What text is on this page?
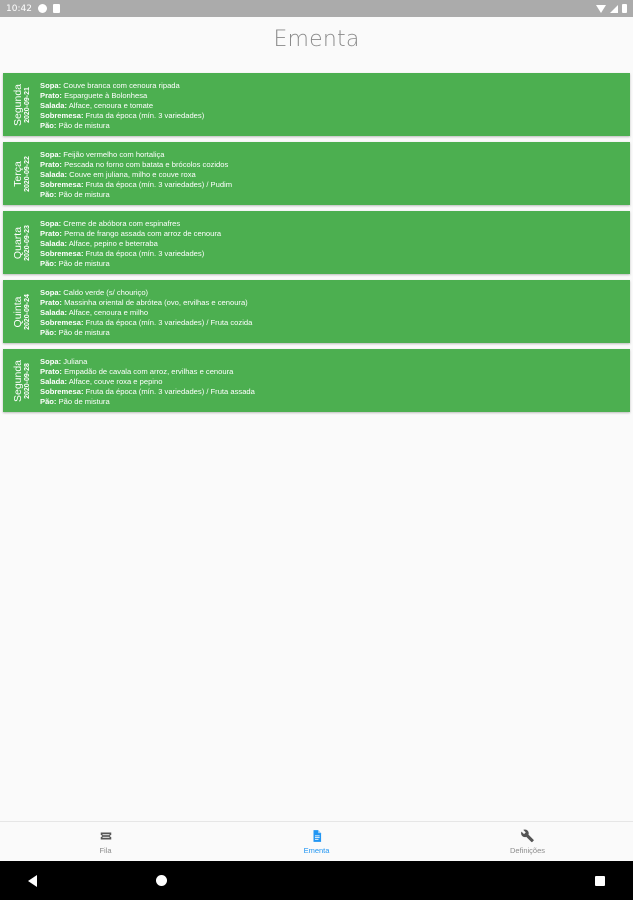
10:42
Ementa
Segunda 2020-09-21
Sopa: Couve branca com cenoura ripada
Prato: Esparguete à Bolonhesa
Salada: Alface, cenoura e tomate
Sobremesa: Fruta da época (mín. 3 variedades)
Pão: Pão de mistura
Terça 2020-09-22
Sopa: Feijão vermelho com hortaliça
Prato: Pescada no forno com batata e brócolos cozidos
Salada: Couve em juliana, milho e couve roxa
Sobremesa: Fruta da época (mín. 3 variedades) / Pudim
Pão: Pão de mistura
Quarta 2020-09-23
Sopa: Creme de abóbora com espinafres
Prato: Perna de frango assada com arroz de cenoura
Salada: Alface, pepino e beterraba
Sobremesa: Fruta da época (mín. 3 variedades)
Pão: Pão de mistura
Quinta 2020-09-24
Sopa: Caldo verde (s/ chouriço)
Prato: Massinha oriental de abrótea (ovo, ervilhas e cenoura)
Salada: Alface, cenoura e milho
Sobremesa: Fruta da época (mín. 3 variedades) / Fruta cozida
Pão: Pão de mistura
Segunda 2020-09-28
Sopa: Juliana
Prato: Empadão de cavala com arroz, ervilhas e cenoura
Salada: Alface, couve roxa e pepino
Sobremesa: Fruta da época (mín. 3 variedades) / Fruta assada
Pão: Pão de mistura
Fila	Ementa	Definições
